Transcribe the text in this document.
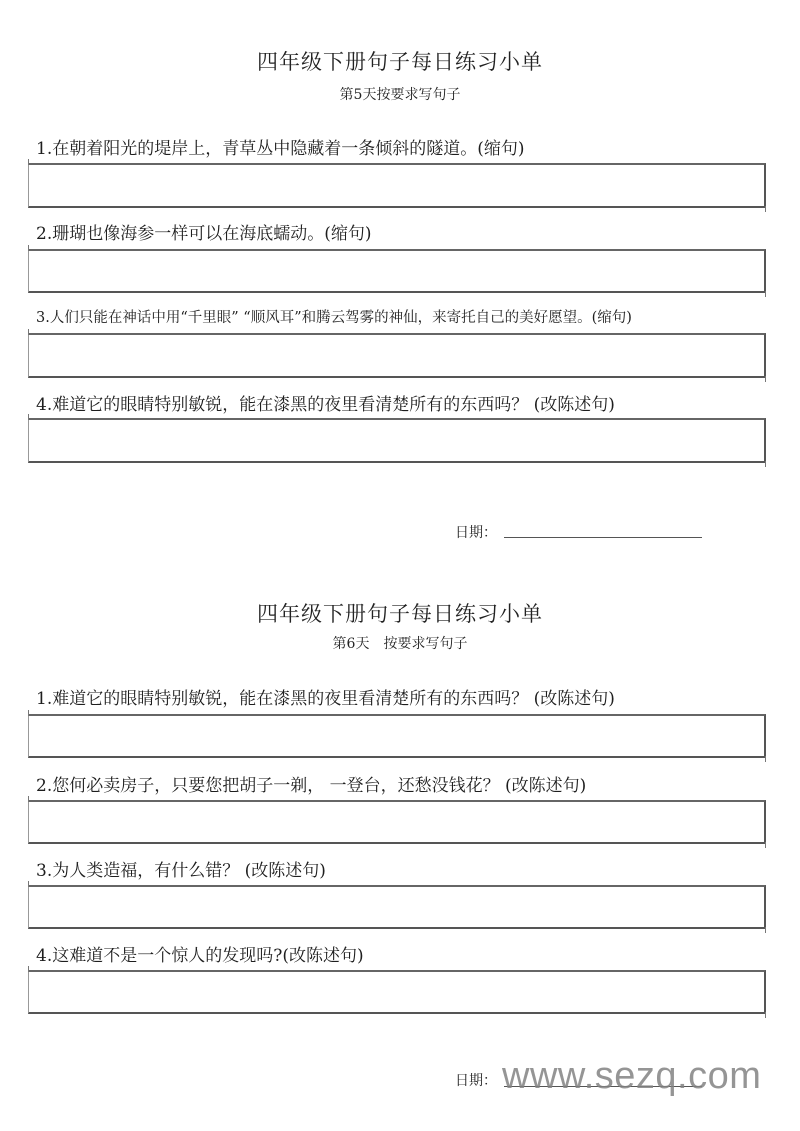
四年级下册句子每日练习小单
第5天按要求写句子
1.在朝着阳光的堤岸上，青草丛中隐藏着一条倾斜的隧道。(缩句)
2.珊瑚也像海参一样可以在海底蠕动。(缩句)
3.人们只能在神话中用“千里眼” “顺风耳”和腾云驾雾的神仙，来寄托自己的美好愿望。(缩句)
4.难道它的眼睛特别敏锐，能在漆黑的夜里看清楚所有的东西吗？ (改陈述句)
日期：
四年级下册句子每日练习小单
第6天　按要求写句子
1.难道它的眼睛特别敏锐，能在漆黑的夜里看清楚所有的东西吗？ (改陈述句)
2.您何必卖房子，只要您把胡子一剃， 一登台，还愁没钱花？ (改陈述句)
3.为人类造福，有什么错？ (改陈述句)
4.这难道不是一个惊人的发现吗?(改陈述句)
日期： www.sezq.com
